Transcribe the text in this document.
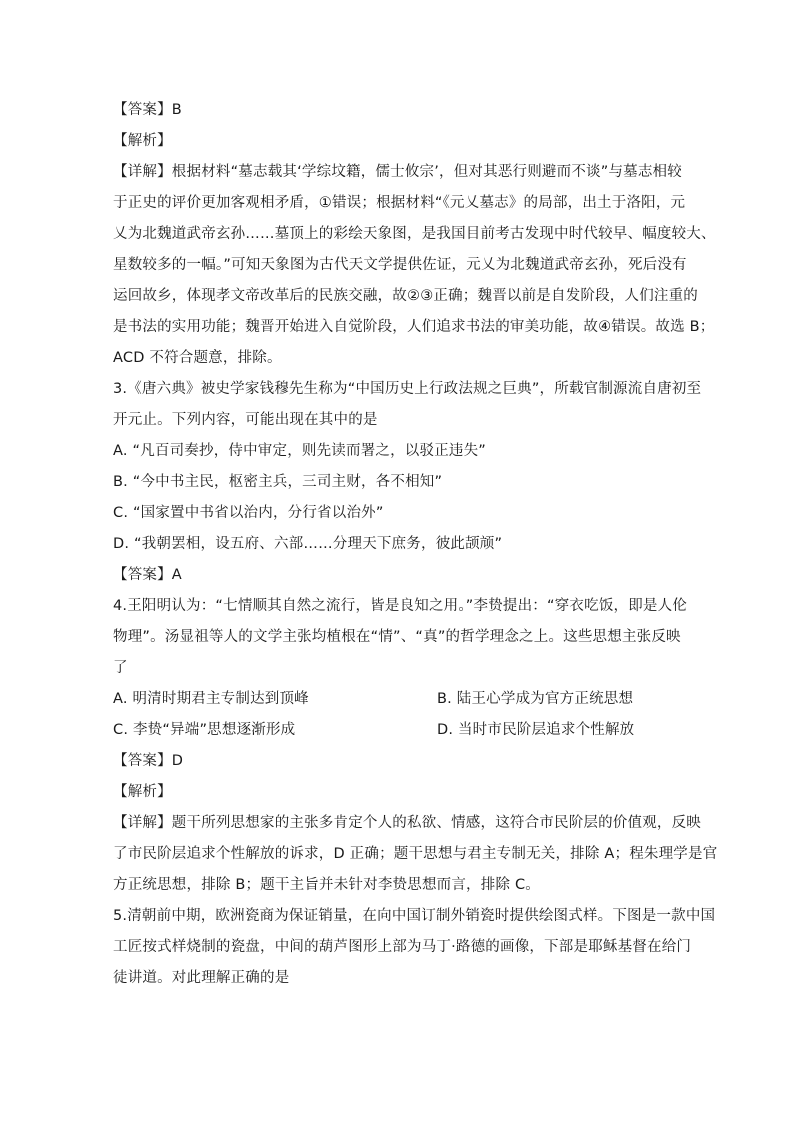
【答案】B
【解析】
【详解】根据材料“墓志载其‘学综坟籍，儒士攸宗’，但对其恶行则避而不谈”与墓志相较
于正史的评价更加客观相矛盾，①错误；根据材料“《元乂墓志》的局部，出土于洛阳，元
乂为北魏道武帝玄孙……墓顶上的彩绘天象图，是我国目前考古发现中时代较早、幅度较大、
星数较多的一幅。”可知天象图为古代天文学提供佐证，元乂为北魏道武帝玄孙，死后没有
运回故乡，体现孝文帝改革后的民族交融，故②③正确；魏晋以前是自发阶段，人们注重的
是书法的实用功能；魏晋开始进入自觉阶段，人们追求书法的审美功能，故④错误。故选 B；
ACD 不符合题意，排除。
3.《唐六典》被史学家钱穆先生称为“中国历史上行政法规之巨典”，所载官制源流自唐初至
开元止。下列内容，可能出现在其中的是
A. “凡百司奏抄，侍中审定，则先读而署之，以驳正违失”
B. “今中书主民，枢密主兵，三司主财，各不相知”
C. “国家置中书省以治内，分行省以治外”
D. “我朝罢相，设五府、六部……分理天下庶务，彼此颉颃”
【答案】A
4.王阳明认为：“七情顺其自然之流行，皆是良知之用。”李贽提出：“穿衣吃饭，即是人伦
物理”。汤显祖等人的文学主张均植根在“情”、“真”的哲学理念之上。这些思想主张反映
了
A. 明清时期君主专制达到顶峰	B. 陆王心学成为官方正统思想
C. 李贽“异端”思想逐渐形成	D. 当时市民阶层追求个性解放
【答案】D
【解析】
【详解】题干所列思想家的主张多肯定个人的私欲、情感，这符合市民阶层的价值观，反映
了市民阶层追求个性解放的诉求，D 正确；题干思想与君主专制无关，排除 A；程朱理学是官
方正统思想，排除 B；题干主旨并未针对李贽思想而言，排除 C。
5.清朝前中期，欧洲瓷商为保证销量，在向中国订制外销瓷时提供绘图式样。下图是一款中国
工匠按式样烧制的瓷盘，中间的葫芦图形上部为马丁·路德的画像，下部是耶稣基督在给门
徒讲道。对此理解正确的是
